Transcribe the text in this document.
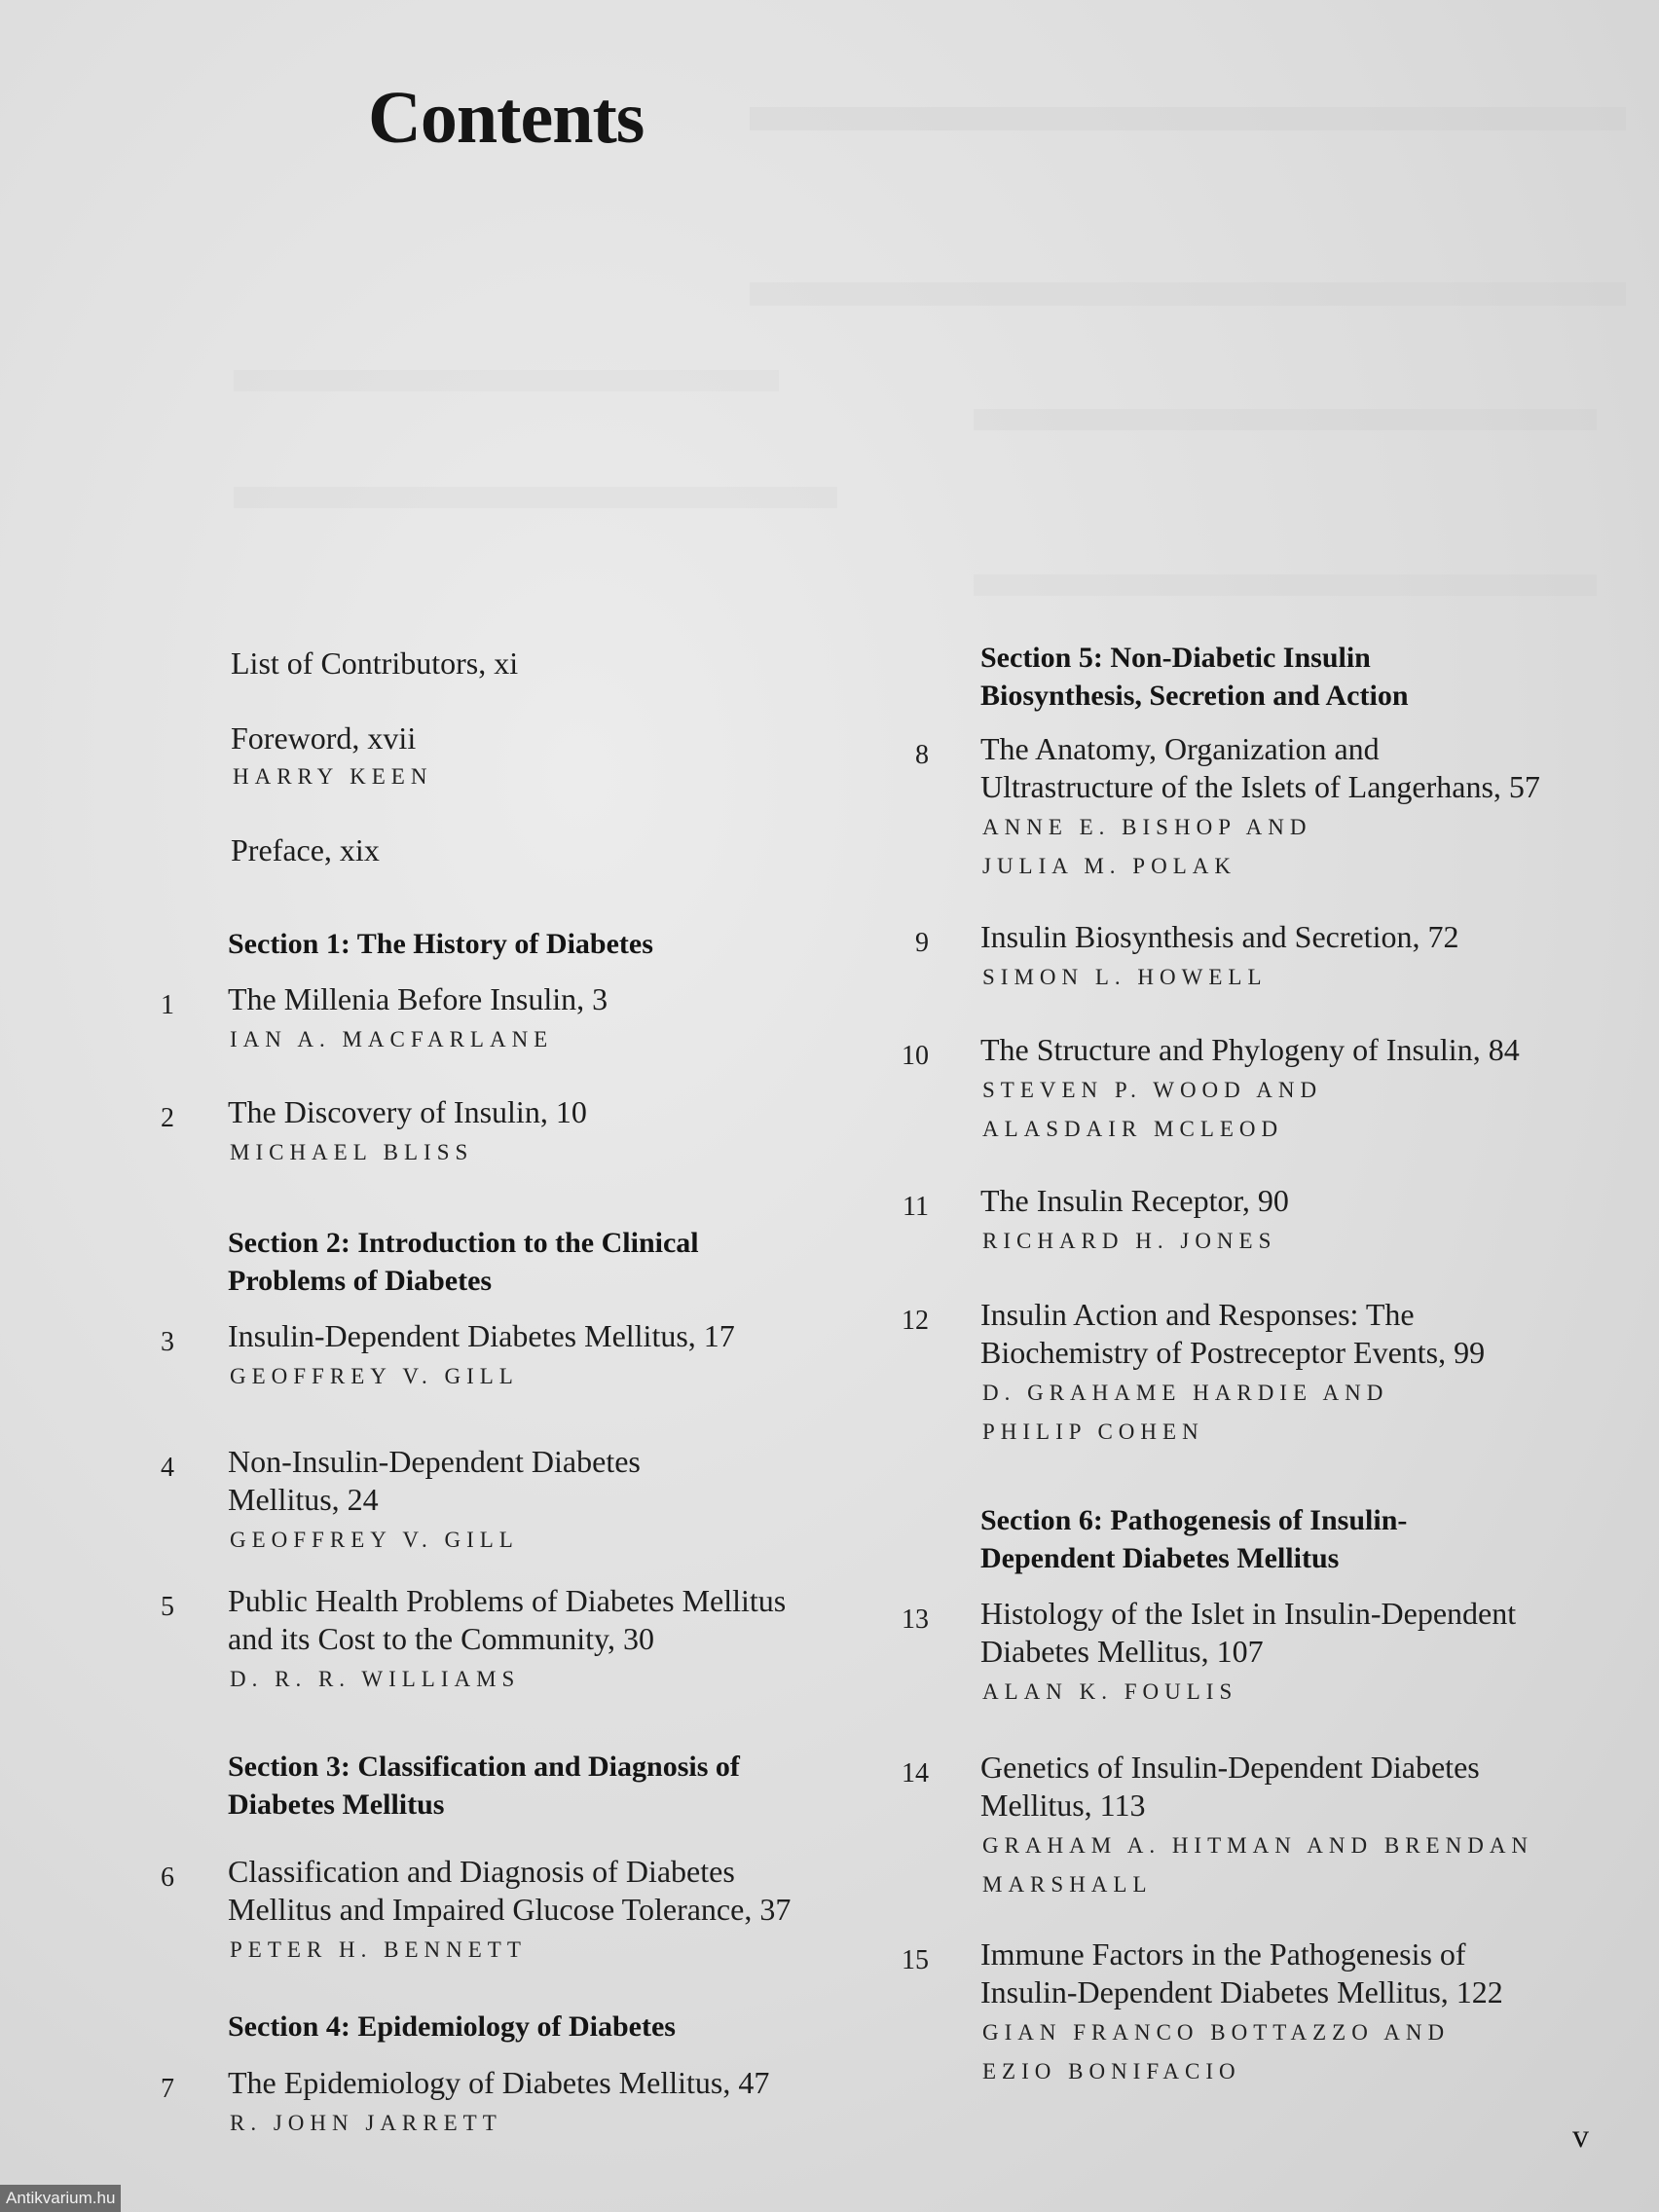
Contents
List of Contributors, xi
Foreword, xvii
HARRY KEEN
Preface, xix
Section 1: The History of Diabetes
1 The Millenia Before Insulin, 3
IAN A. MACFARLANE
2 The Discovery of Insulin, 10
MICHAEL BLISS
Section 2: Introduction to the Clinical
Problems of Diabetes
3 Insulin-Dependent Diabetes Mellitus, 17
GEOFFREY V. GILL
4 Non-Insulin-Dependent Diabetes
Mellitus, 24
GEOFFREY V. GILL
5 Public Health Problems of Diabetes Mellitus
and its Cost to the Community, 30
D. R. R. WILLIAMS
Section 3: Classification and Diagnosis of
Diabetes Mellitus
6 Classification and Diagnosis of Diabetes
Mellitus and Impaired Glucose Tolerance, 37
PETER H. BENNETT
Section 4: Epidemiology of Diabetes
7 The Epidemiology of Diabetes Mellitus, 47
R. JOHN JARRETT
Section 5: Non-Diabetic Insulin
Biosynthesis, Secretion and Action
8 The Anatomy, Organization and
Ultrastructure of the Islets of Langerhans, 57
ANNE E. BISHOP AND
JULIA M. POLAK
9 Insulin Biosynthesis and Secretion, 72
SIMON L. HOWELL
10 The Structure and Phylogeny of Insulin, 84
STEVEN P. WOOD AND
ALASDAIR MCLEOD
11 The Insulin Receptor, 90
RICHARD H. JONES
12 Insulin Action and Responses: The
Biochemistry of Postreceptor Events, 99
D. GRAHAME HARDIE AND
PHILIP COHEN
Section 6: Pathogenesis of Insulin-
Dependent Diabetes Mellitus
13 Histology of the Islet in Insulin-Dependent
Diabetes Mellitus, 107
ALAN K. FOULIS
14 Genetics of Insulin-Dependent Diabetes
Mellitus, 113
GRAHAM A. HITMAN AND BRENDAN
MARSHALL
15 Immune Factors in the Pathogenesis of
Insulin-Dependent Diabetes Mellitus, 122
GIAN FRANCO BOTTAZZO AND
EZIO BONIFACIO
v
Antikvarium.hu
